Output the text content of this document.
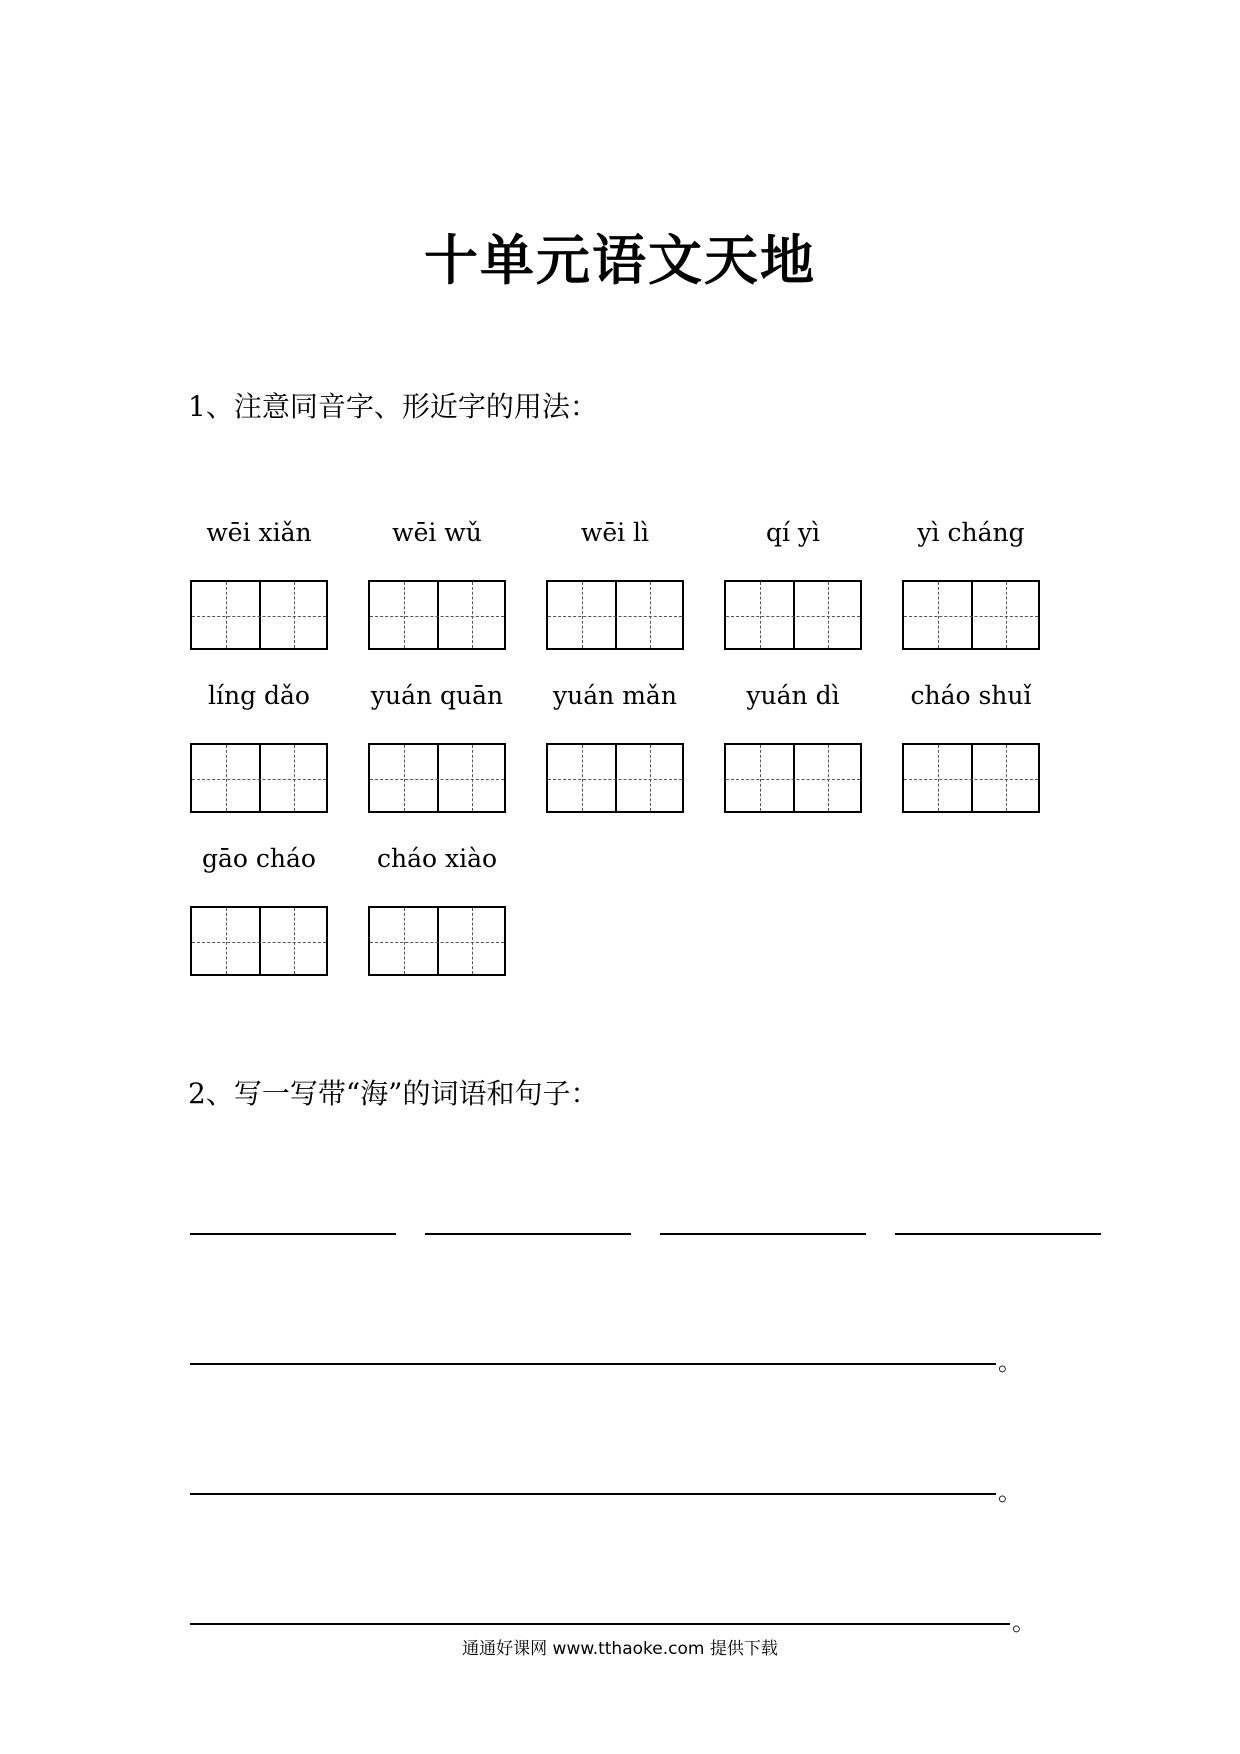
十单元语文天地
1、注意同音字、形近字的用法：
wēi xiǎn	wēi wǔ	wēi lì	qí yì	yì cháng
líng dǎo	yuán quān	yuán mǎn	yuán dì	cháo shuǐ
gāo cháo	cháo xiào
2、写一写带“海”的词语和句子：
。
。
。
通通好课网 www.tthaoke.com 提供下载
